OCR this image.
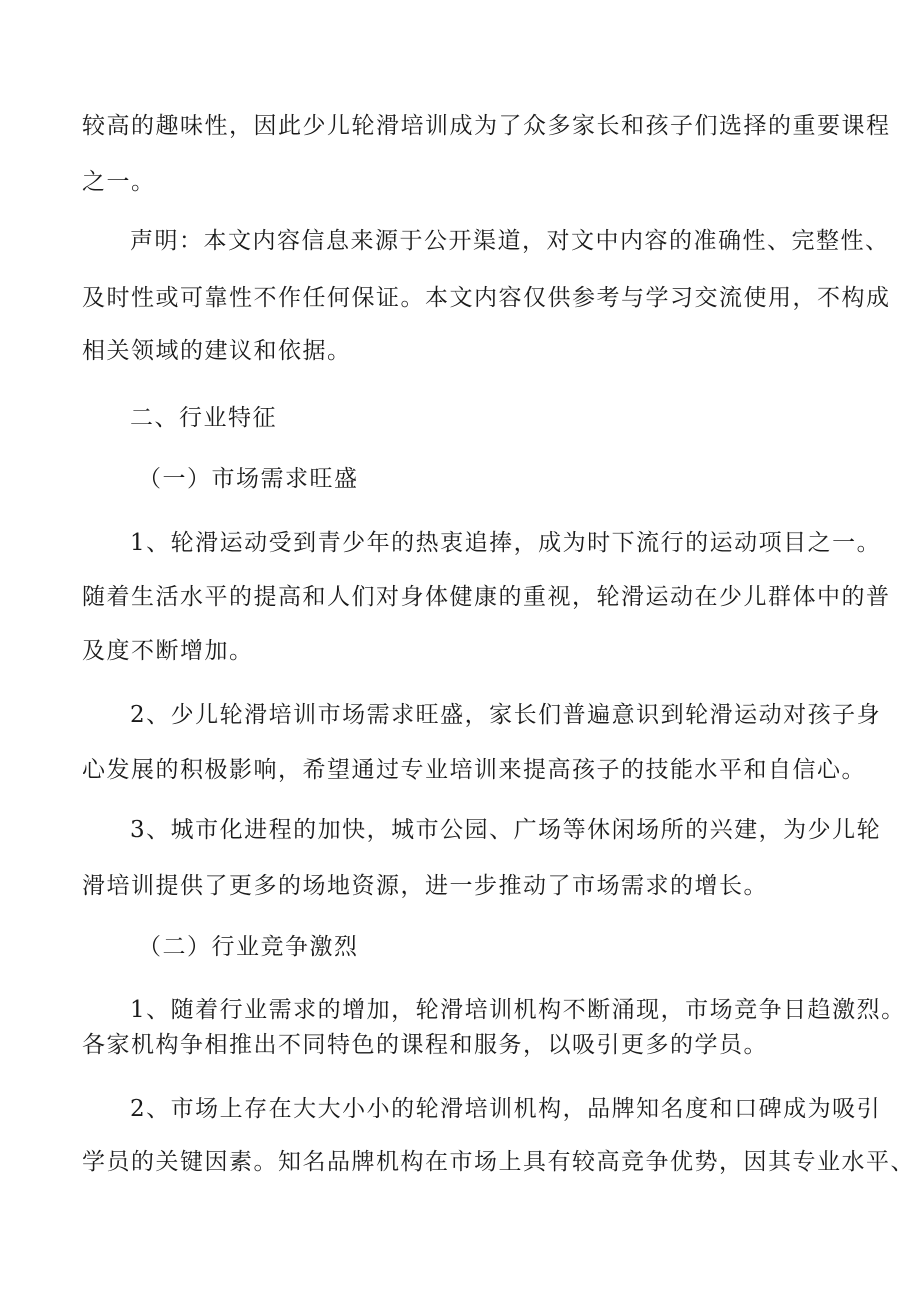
较高的趣味性，因此少儿轮滑培训成为了众多家长和孩子们选择的重要课程
之一。
声明：本文内容信息来源于公开渠道，对文中内容的准确性、完整性、
及时性或可靠性不作任何保证。本文内容仅供参考与学习交流使用，不构成
相关领域的建议和依据。
二、行业特征
（一）市场需求旺盛
1、轮滑运动受到青少年的热衷追捧，成为时下流行的运动项目之一。
随着生活水平的提高和人们对身体健康的重视，轮滑运动在少儿群体中的普
及度不断增加。
2、少儿轮滑培训市场需求旺盛，家长们普遍意识到轮滑运动对孩子身
心发展的积极影响，希望通过专业培训来提高孩子的技能水平和自信心。
3、城市化进程的加快，城市公园、广场等休闲场所的兴建，为少儿轮
滑培训提供了更多的场地资源，进一步推动了市场需求的增长。
（二）行业竞争激烈
1、随着行业需求的增加，轮滑培训机构不断涌现，市场竞争日趋激烈。
各家机构争相推出不同特色的课程和服务，以吸引更多的学员。
2、市场上存在大大小小的轮滑培训机构，品牌知名度和口碑成为吸引
学员的关键因素。知名品牌机构在市场上具有较高竞争优势，因其专业水平、
